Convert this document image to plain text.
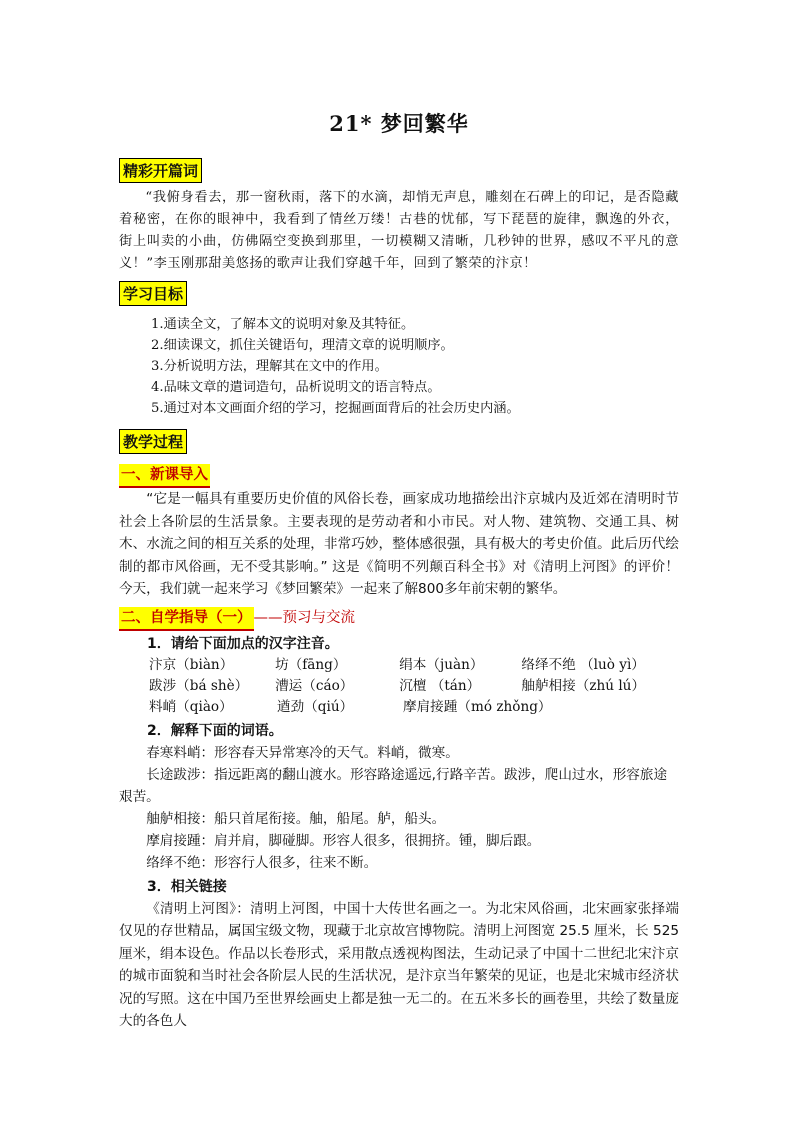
21* 梦回繁华
精彩开篇词

“我俯身看去，那一窗秋雨，落下的水滴，却悄无声息，雕刻在石碑上的印记，是否隐藏着秘密，在你的眼神中，我看到了情丝万缕！古巷的忧郁，写下琵琶的旋律，飘逸的外衣，街上叫卖的小曲，仿佛隔空变换到那里，一切模糊又清晰，几秒钟的世界，感叹不平凡的意义！”李玉刚那甜美悠扬的歌声让我们穿越千年，回到了繁荣的汴京！

学习目标
1.通读全文，了解本文的说明对象及其特征。
2.细读课文，抓住关键语句，理清文章的说明顺序。
3.分析说明方法，理解其在文中的作用。
4.品味文章的遣词造句，品析说明文的语言特点。
5.通过对本文画面介绍的学习，挖掘画面背后的社会历史内涵。
教学过程
一、新课导入

“它是一幅具有重要历史价值的风俗长卷，画家成功地描绘出汴京城内及近郊在清明时节社会上各阶层的生活景象。主要表现的是劳动者和小市民。对人物、建筑物、交通工具、树木、水流之间的相互关系的处理，非常巧妙，整体感很强，具有极大的考史价值。此后历代绘制的都市风俗画，无不受其影响。” 这是《简明不列颠百科全书》对《清明上河图》的评价！今天，我们就一起来学习《梦回繁荣》一起来了解800多年前宋朝的繁华。

二、自学指导（一） ——预习与交流
1．请给下面加点的汉字注音。
汴京（biàn）	坊（fāng）	绢本（juàn）	络绎不绝 （luò yì）
跋涉（bá shè）	漕运（cáo）	沉檀 （tán）	舳舻相接（zhú lú）
料峭（qiào）	遒劲（qiú）	摩肩接踵（mó zhǒng）
2．解释下面的词语。

春寒料峭：形容春天异常寒冷的天气。料峭，微寒。

长途跋涉：指远距离的翻山渡水。形容路途遥远,行路辛苦。跋涉，爬山过水，形容旅途艰苦。

舳舻相接：船只首尾衔接。舳，船尾。舻，船头。

摩肩接踵：肩并肩，脚碰脚。形容人很多，很拥挤。锺，脚后跟。

络绎不绝：形容行人很多，往来不断。

3．相关链接

《清明上河图》：清明上河图，中国十大传世名画之一。为北宋风俗画，北宋画家张择端仅见的存世精品，属国宝级文物，现藏于北京故宫博物院。清明上河图宽 25.5 厘米，长 525 厘米，绢本设色。作品以长卷形式，采用散点透视构图法，生动记录了中国十二世纪北宋汴京的城市面貌和当时社会各阶层人民的生活状况，是汴京当年繁荣的见证，也是北宋城市经济状况的写照。这在中国乃至世界绘画史上都是独一无二的。在五米多长的画卷里，共绘了数量庞大的各色人
